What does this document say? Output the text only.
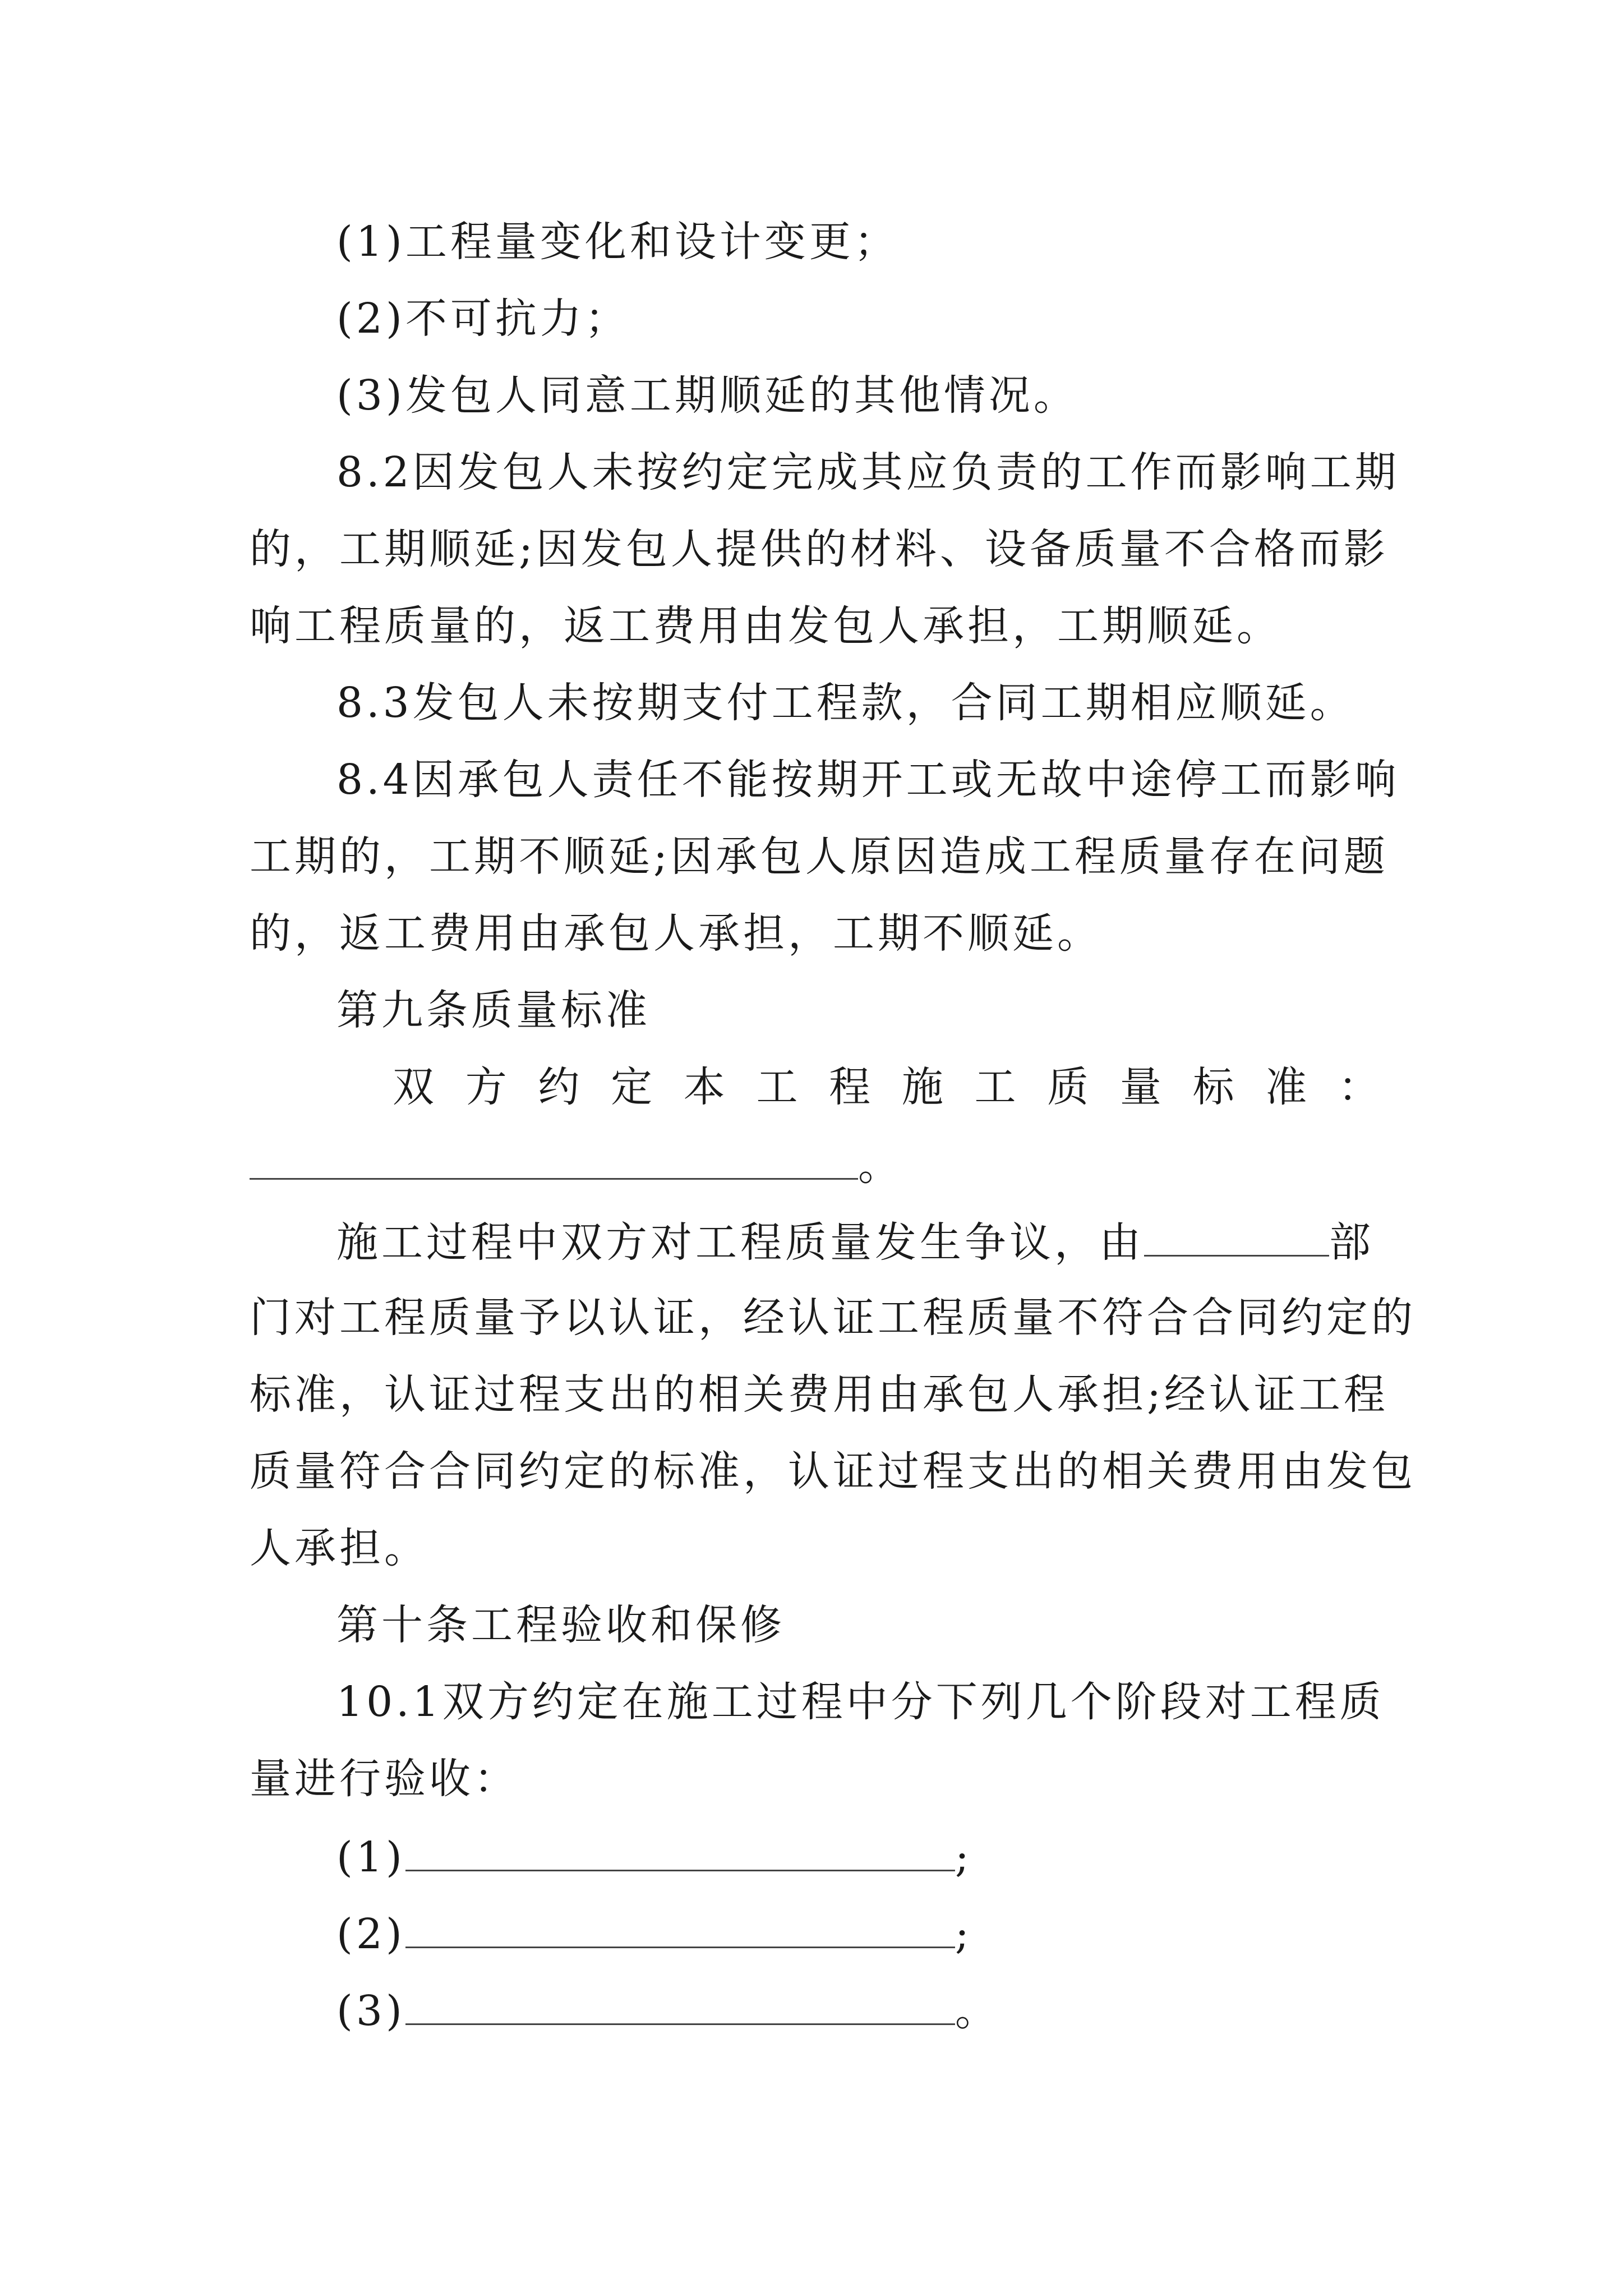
(1)工程量变化和设计变更；
(2)不可抗力；
(3)发包人同意工期顺延的其他情况。
8.2因发包人未按约定完成其应负责的工作而影响工期
的，工期顺延;因发包人提供的材料、设备质量不合格而影
响工程质量的，返工费用由发包人承担，工期顺延。
8.3发包人未按期支付工程款，合同工期相应顺延。
8.4因承包人责任不能按期开工或无故中途停工而影响
工期的，工期不顺延;因承包人原因造成工程质量存在问题
的，返工费用由承包人承担，工期不顺延。
第九条质量标准
双 方 约 定 本 工 程 施 工 质 量 标 准 ：
。
施工过程中双方对工程质量发生争议，由	部
门对工程质量予以认证，经认证工程质量不符合合同约定的
标准，认证过程支出的相关费用由承包人承担;经认证工程
质量符合合同约定的标准，认证过程支出的相关费用由发包
人承担。
第十条工程验收和保修
10.1双方约定在施工过程中分下列几个阶段对工程质
量进行验收：
(1)	;
(2)	;
(3)	。
